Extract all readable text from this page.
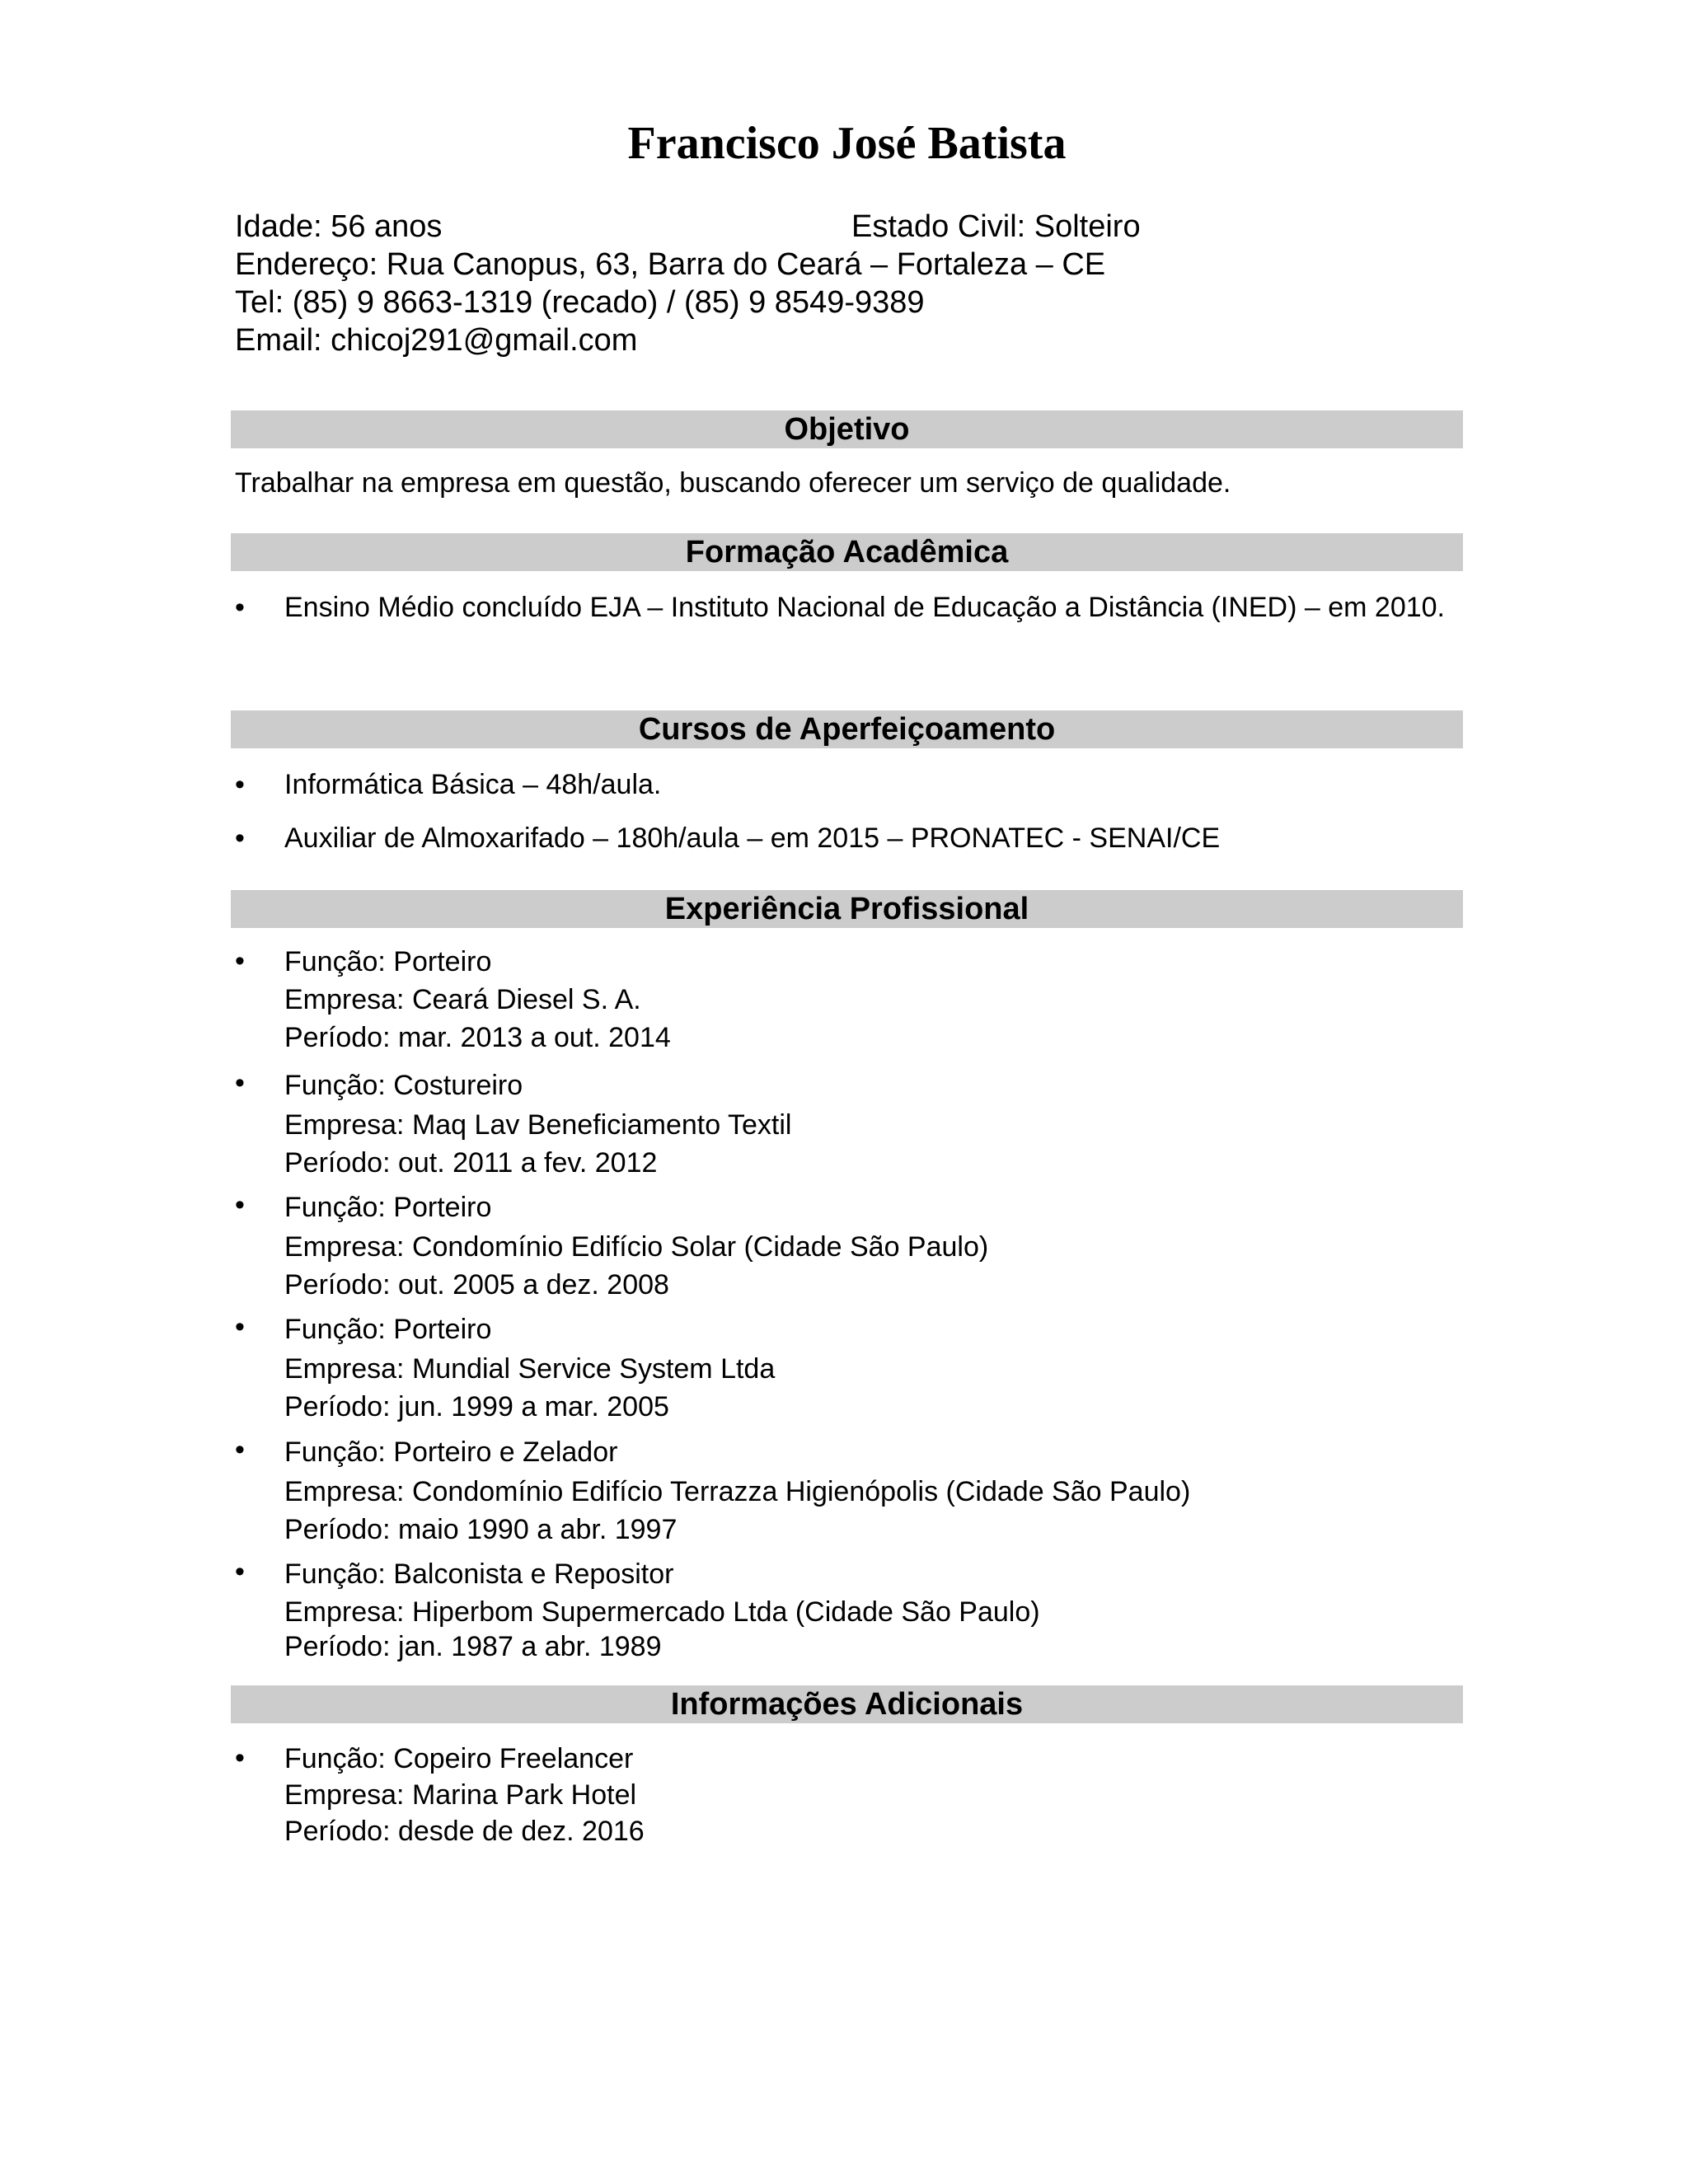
Francisco José Batista
Idade: 56 anos	Estado Civil: Solteiro
Endereço: Rua Canopus, 63, Barra do Ceará – Fortaleza – CE
Tel: (85) 9 8663-1319 (recado) / (85) 9 8549-9389
Email: chicoj291@gmail.com
Objetivo
Trabalhar na empresa em questão, buscando oferecer um serviço de qualidade.
Formação Acadêmica
• Ensino Médio concluído EJA – Instituto Nacional de Educação a Distância (INED) – em 2010.
Cursos de Aperfeiçoamento
• Informática Básica – 48h/aula.
• Auxiliar de Almoxarifado – 180h/aula – em 2015 – PRONATEC - SENAI/CE
Experiência Profissional
• Função: Porteiro
Empresa: Ceará Diesel S. A.
Período: mar. 2013 a out. 2014
• Função: Costureiro
Empresa: Maq Lav Beneficiamento Textil
Período: out. 2011 a fev. 2012
• Função: Porteiro
Empresa: Condomínio Edifício Solar (Cidade São Paulo)
Período: out. 2005 a dez. 2008
• Função: Porteiro
Empresa: Mundial Service System Ltda
Período: jun. 1999 a mar. 2005
• Função: Porteiro e Zelador
Empresa: Condomínio Edifício Terrazza Higienópolis (Cidade São Paulo)
Período: maio 1990 a abr. 1997
• Função: Balconista e Repositor
Empresa: Hiperbom Supermercado Ltda (Cidade São Paulo)
Período: jan. 1987 a abr. 1989
Informações Adicionais
• Função: Copeiro Freelancer
Empresa: Marina Park Hotel
Período: desde de dez. 2016
